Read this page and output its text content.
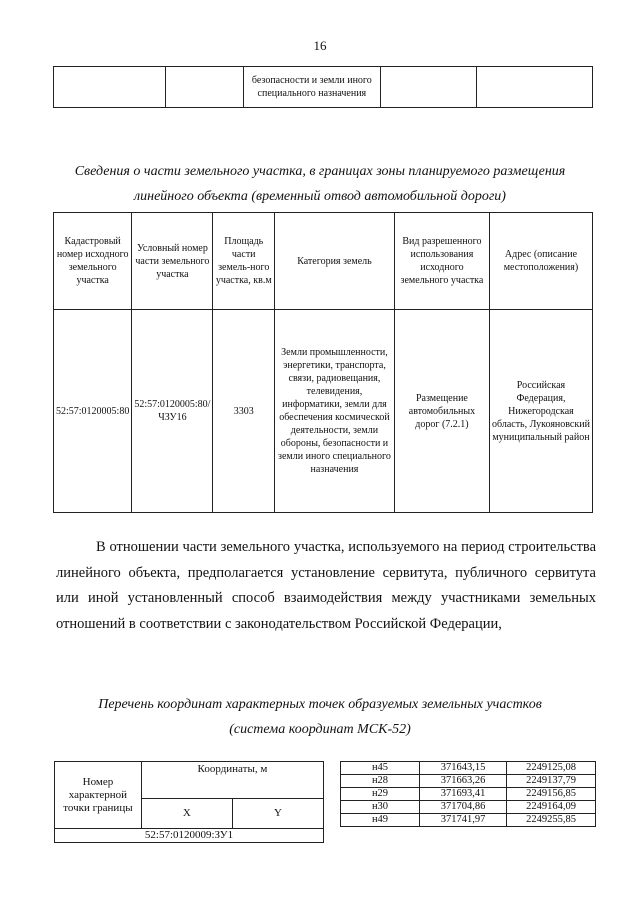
16
		безопасности и земли иного специального назначения		
Сведения о части земельного участка, в границах зоны планируемого размещения
линейного объекта (временный отвод автомобильной дороги)
Кадастровый номер исходного земельного участка	Условный номер части земельного участка	Площадь части земель-ного участка, кв.м	Категория земель	Вид разрешенного использования исходного земельного участка	Адрес (описание местоположения)
52:57:0120005:80	52:57:0120005:80/ЧЗУ16	3303	Земли промышленности, энергетики, транспорта, связи, радиовещания, телевидения, информатики, земли для обеспечения космической деятельности, земли обороны, безопасности и земли иного специального назначения	Размещение автомобильных дорог (7.2.1)	Российская Федерация, Нижегородская область, Лукояновский муниципальный район
В отношении части земельного участка, используемого на период строительства линейного объекта, предполагается установление сервитута, публичного сервитута или иной установленный способ взаимодействия между участниками земельных отношений в соответствии с законодательством Российской Федерации,
Перечень координат характерных точек образуемых земельных участков
(система координат МСК-52)
Номер характерной точки границы	Координаты, м	
	X	Y
52:57:0120009:ЗУ1		
н45	371643,15	2249125,08
н28	371663,26	2249137,79
н29	371693,41	2249156,85
н30	371704,86	2249164,09
н49	371741,97	2249255,85
